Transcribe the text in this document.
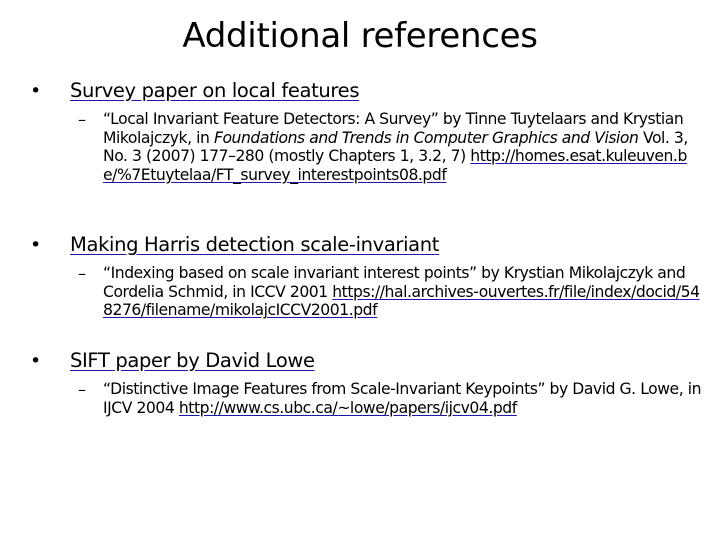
Additional references
• Survey paper on local features
– “Local Invariant Feature Detectors: A Survey” by Tinne Tuytelaars and Krystian Mikolajczyk, in Foundations and Trends in Computer Graphics and Vision Vol. 3, No. 3 (2007) 177–280 (mostly Chapters 1, 3.2, 7) http://homes.esat.kuleuven.be/%7Etuytelaa/FT_survey_interestpoints08.pdf
• Making Harris detection scale-invariant
– “Indexing based on scale invariant interest points” by Krystian Mikolajczyk and Cordelia Schmid, in ICCV 2001 https://hal.archives-ouvertes.fr/file/index/docid/548276/filename/mikolajcICCV2001.pdf
• SIFT paper by David Lowe
– “Distinctive Image Features from Scale-Invariant Keypoints” by David G. Lowe, in IJCV 2004 http://www.cs.ubc.ca/~lowe/papers/ijcv04.pdf
